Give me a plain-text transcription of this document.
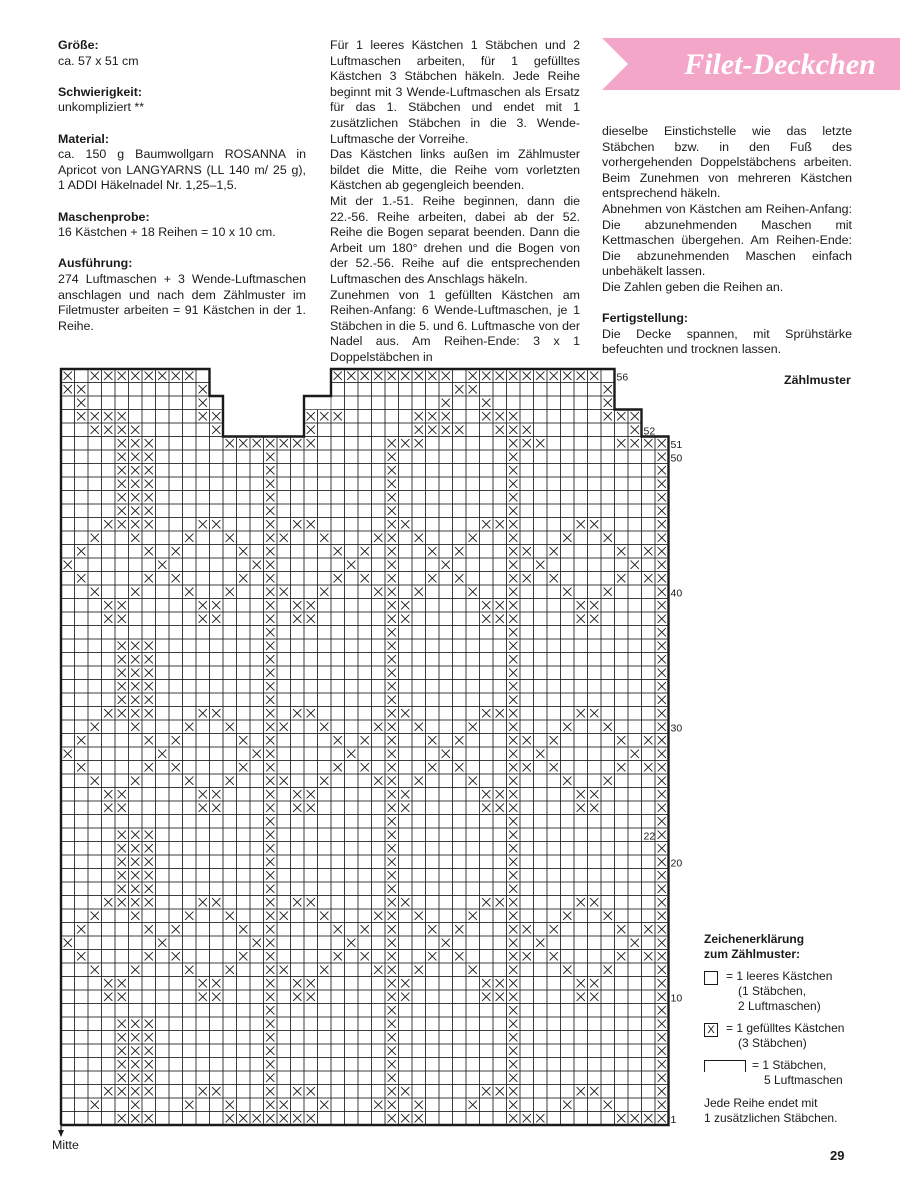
Filet-Deckchen

Größe:

ca. 57 x 51 cm

Schwierigkeit:

unkompliziert **

Material:

ca. 150 g Baumwollgarn ROSANNA in Apricot von LANGYARNS (LL 140 m/ 25 g), 1 ADDI Häkelnadel Nr. 1,25–1,5.

Maschenprobe:

16 Kästchen + 18 Reihen = 10 x 10 cm.

Ausführung:

274 Luftmaschen + 3 Wende-Luftmaschen anschlagen und nach dem Zählmuster im Filetmuster arbeiten = 91 Kästchen in der 1. Reihe.

Für 1 leeres Kästchen 1 Stäbchen und 2 Luftmaschen arbeiten, für 1 gefülltes Kästchen 3 Stäbchen häkeln. Jede Reihe beginnt mit 3 Wende-Luftmaschen als Ersatz für das 1. Stäbchen und endet mit 1 zusätzlichen Stäbchen in die 3. Wende-Luftmasche der Vorreihe.

Das Kästchen links außen im Zählmuster bildet die Mitte, die Reihe vom vorletzten Kästchen ab gegengleich beenden.

Mit der 1.-51. Reihe beginnen, dann die 22.-56. Reihe arbeiten, dabei ab der 52. Reihe die Bogen separat beenden. Dann die Arbeit um 180° drehen und die Bogen von der 52.-56. Reihe auf die entsprechenden Luftmaschen des Anschlags häkeln.

Zunehmen von 1 gefüllten Kästchen am Reihen-Anfang: 6 Wende-Luftmaschen, je 1 Stäbchen in die 5. und 6. Luftmasche von der Nadel aus. Am Reihen-Ende: 3 x 1 Doppelstäbchen in

dieselbe Einstichstelle wie das letzte Stäbchen bzw. in den Fuß des vorhergehenden Doppelstäbchens arbeiten. Beim Zunehmen von mehreren Kästchen entsprechend häkeln.

Abnehmen von Kästchen am Reihen-Anfang: Die abzunehmenden Maschen mit Kettmaschen übergehen. Am Reihen-Ende: Die abzunehmenden Maschen einfach unbehäkelt lassen.

Die Zahlen geben die Reihen an.

Fertigstellung:

Die Decke spannen, mit Sprühstärke befeuchten und trocknen lassen.

56
52
51
50
40
30
22
20
10
1
Zählmuster
Mitte
Zeichenerklärung
zum Zählmuster:
= 1 leeres Kästchen
(1 Stäbchen,
2 Luftmaschen)
X = 1 gefülltes Kästchen
(3 Stäbchen)
= 1 Stäbchen,
5 Luftmaschen
Jede Reihe endet mit
1 zusätzlichen Stäbchen.
29
